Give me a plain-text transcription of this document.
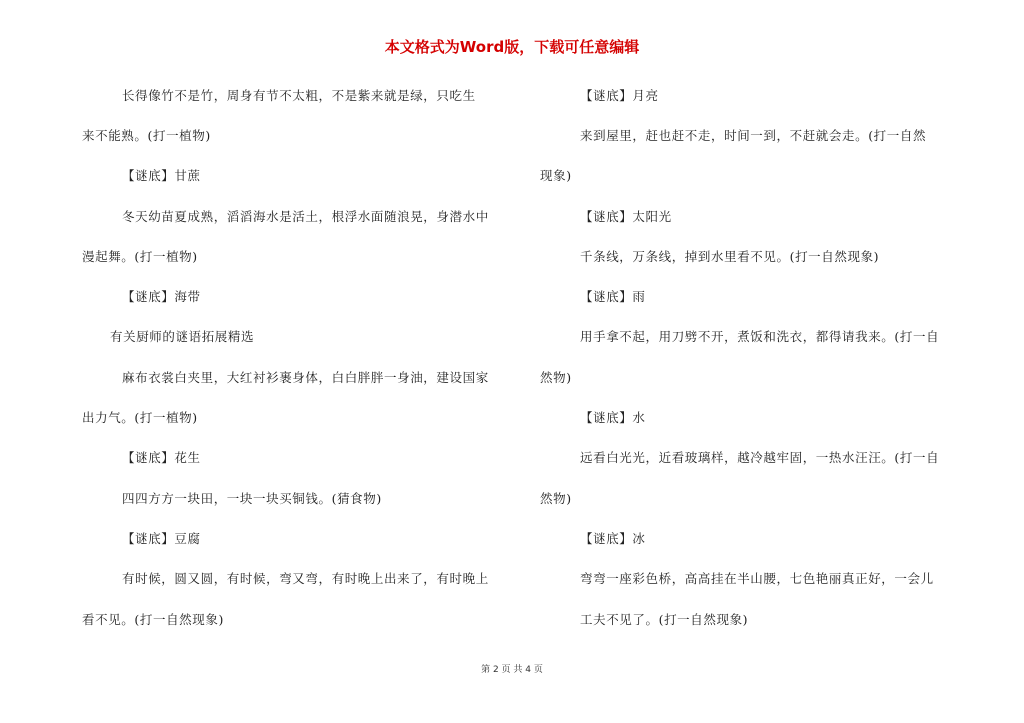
本文格式为Word版，下载可任意编辑
长得像竹不是竹，周身有节不太粗，不是紫来就是绿，只吃生
来不能熟。(打一植物)
【谜底】甘蔗
冬天幼苗夏成熟，滔滔海水是活土，根浮水面随浪晃，身潜水中
漫起舞。(打一植物)
【谜底】海带
有关厨师的谜语拓展精选
麻布衣裳白夹里，大红衬衫裹身体，白白胖胖一身油，建设国家
出力气。(打一植物)
【谜底】花生
四四方方一块田，一块一块买铜钱。(猜食物)
【谜底】豆腐
有时候，圆又圆，有时候，弯又弯，有时晚上出来了，有时晚上
看不见。(打一自然现象)
【谜底】月亮
来到屋里，赶也赶不走，时间一到，不赶就会走。(打一自然
现象)
【谜底】太阳光
千条线，万条线，掉到水里看不见。(打一自然现象)
【谜底】雨
用手拿不起，用刀劈不开，煮饭和洗衣，都得请我来。(打一自
然物)
【谜底】水
远看白光光，近看玻璃样，越冷越牢固，一热水汪汪。(打一自
然物)
【谜底】冰
弯弯一座彩色桥，高高挂在半山腰，七色艳丽真正好，一会儿
工夫不见了。(打一自然现象)
第 2 页 共 4 页
